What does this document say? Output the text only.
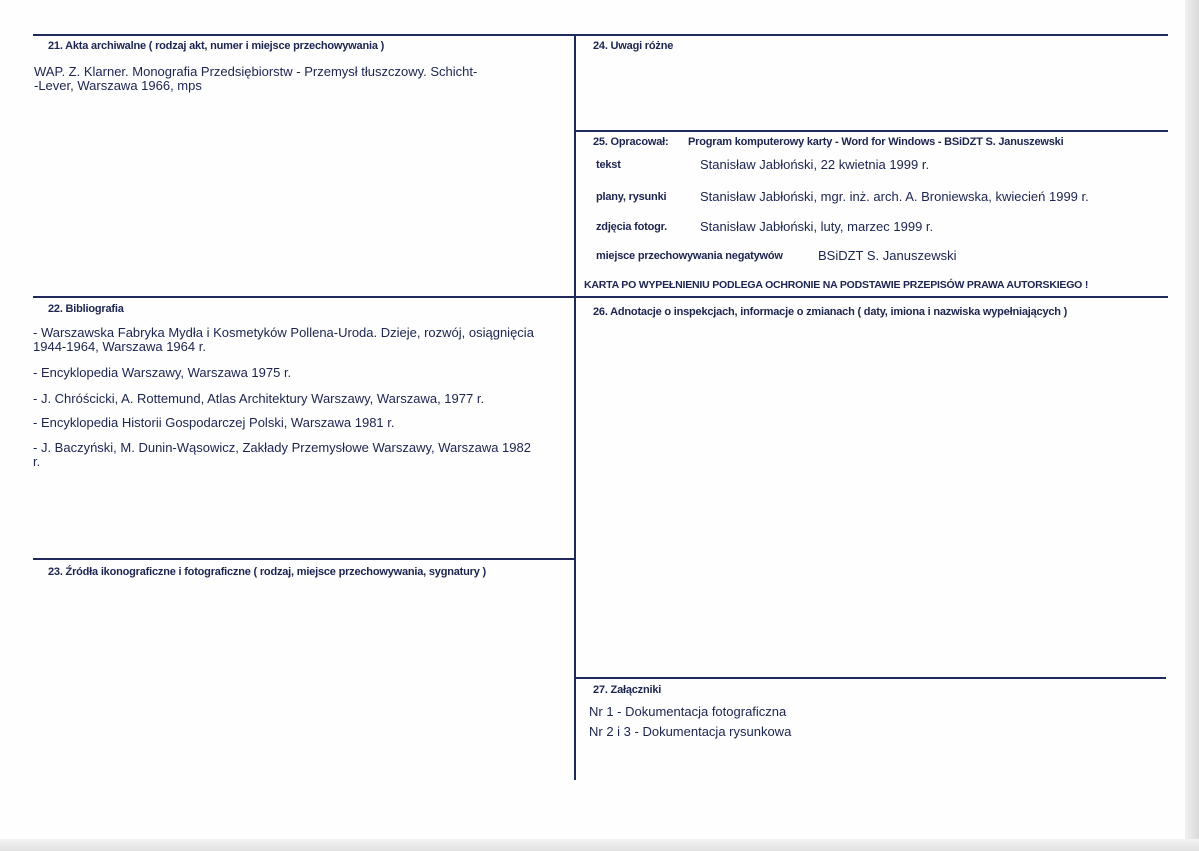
21. Akta archiwalne ( rodzaj akt, numer i miejsce przechowywania )
WAP. Z. Klarner. Monografia Przedsiębiorstw - Przemysł tłuszczowy. Schicht-
-Lever, Warszawa 1966, mps
24. Uwagi różne
25. Opracował: Program komputerowy karty - Word for Windows - BSiDZT S. Januszewski
tekst	Stanisław Jabłoński, 22 kwietnia 1999 r.
plany, rysunki	Stanisław Jabłoński, mgr. inż. arch. A. Broniewska, kwiecień 1999 r.
zdjęcia fotogr.	Stanisław Jabłoński, luty, marzec 1999 r.
miejsce przechowywania negatywów	BSiDZT S. Januszewski
KARTA PO WYPEŁNIENIU PODLEGA OCHRONIE NA PODSTAWIE PRZEPISÓW PRAWA AUTORSKIEGO !
22. Bibliografia
- Warszawska Fabryka Mydła i Kosmetyków Pollena-Uroda. Dzieje, rozwój, osiągnięcia
1944-1964, Warszawa 1964 r.
- Encyklopedia Warszawy, Warszawa 1975 r.
- J. Chróścicki, A. Rottemund, Atlas Architektury Warszawy, Warszawa, 1977 r.
- Encyklopedia Historii Gospodarczej Polski, Warszawa 1981 r.
- J. Baczyński, M. Dunin-Wąsowicz, Zakłady Przemysłowe Warszawy, Warszawa 1982
r.
26. Adnotacje o inspekcjach, informacje o zmianach ( daty, imiona i nazwiska wypełniających )
23. Źródła ikonograficzne i fotograficzne ( rodzaj, miejsce przechowywania, sygnatury )
27. Załączniki
Nr 1 - Dokumentacja fotograficzna
Nr 2 i 3 - Dokumentacja rysunkowa
